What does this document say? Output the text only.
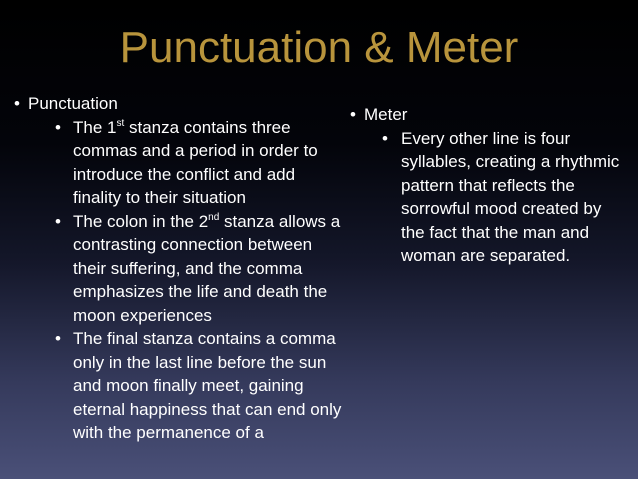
Punctuation & Meter
• Punctuation
• The 1st stanza contains three commas and a period in order to introduce the conflict and add finality to their situation
• The colon in the 2nd stanza allows a contrasting connection between their suffering, and the comma emphasizes the life and death the moon experiences
• The final stanza contains a comma only in the last line before the sun and moon finally meet, gaining eternal happiness that can end only with the permanence of a
• Meter
• Every other line is four syllables, creating a rhythmic pattern that reflects the sorrowful mood created by the fact that the man and woman are separated.
